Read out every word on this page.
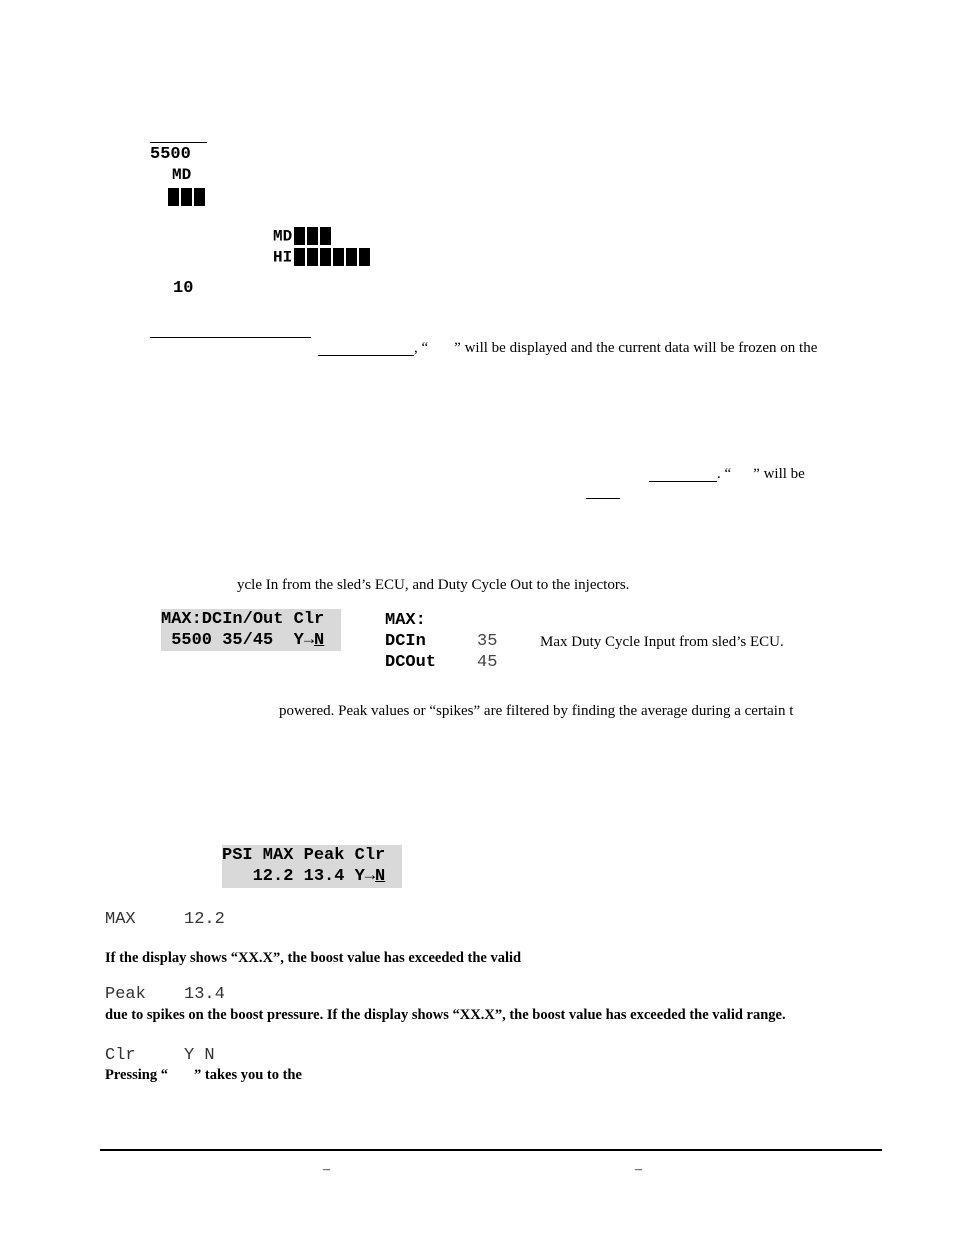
5500
MD
MD
HI
10
, “ ” will be displayed and the current data will be frozen on the
. “ ” will be
ycle In from the sled’s ECU, and Duty Cycle Out to the injectors.
MAX:DCIn/Out Clr
5500 35/45  Y→N
MAX:
DCIn	35	Max Duty Cycle Input from sled’s ECU.
DCOut 45
powered. Peak values or “spikes” are filtered by finding the average during a certain t
PSI MAX Peak Clr
12.2 13.4 Y→N
MAX	12.2
If the display shows “XX.X”, the boost value has exceeded the valid
Peak 13.4
due to spikes on the boost pressure. If the display shows “XX.X”, the boost value has exceeded the valid range.
Clr	Y N
Pressing “ ” takes you to the
–	–
